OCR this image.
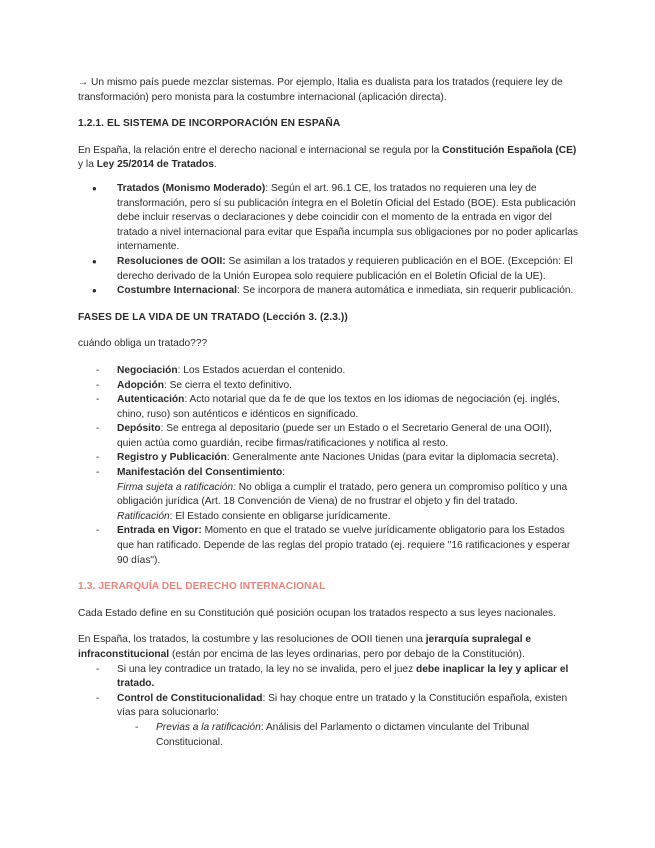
→ Un mismo país puede mezclar sistemas. Por ejemplo, Italia es dualista para los tratados (requiere ley de transformación) pero monista para la costumbre internacional (aplicación directa).

1.2.1. EL SISTEMA DE INCORPORACIÓN EN ESPAÑA

En España, la relación entre el derecho nacional e internacional se regula por la Constitución Española (CE) y la Ley 25/2014 de Tratados.

● Tratados (Monismo Moderado): Según el art. 96.1 CE, los tratados no requieren una ley de transformación, pero sí su publicación íntegra en el Boletín Oficial del Estado (BOE). Esta publicación debe incluir reservas o declaraciones y debe coincidir con el momento de la entrada en vigor del tratado a nivel internacional para evitar que España incumpla sus obligaciones por no poder aplicarlas internamente.
● Resoluciones de OOII: Se asimilan a los tratados y requieren publicación en el BOE. (Excepción: El derecho derivado de la Unión Europea solo requiere publicación en el Boletín Oficial de la UE).
● Costumbre Internacional: Se incorpora de manera automática e inmediata, sin requerir publicación.

FASES DE LA VIDA DE UN TRATADO (Lección 3. (2.3.))

cuándo obliga un tratado???

- Negociación: Los Estados acuerdan el contenido.
- Adopción: Se cierra el texto definitivo.
- Autenticación: Acto notarial que da fe de que los textos en los idiomas de negociación (ej. inglés, chino, ruso) son auténticos e idénticos en significado.
- Depósito: Se entrega al depositario (puede ser un Estado o el Secretario General de una OOII), quien actúa como guardián, recibe firmas/ratificaciones y notifica al resto.
- Registro y Publicación: Generalmente ante Naciones Unidas (para evitar la diplomacia secreta).
- Manifestación del Consentimiento:
Firma sujeta a ratificación: No obliga a cumplir el tratado, pero genera un compromiso político y una obligación jurídica (Art. 18 Convención de Viena) de no frustrar el objeto y fin del tratado.
Ratificación: El Estado consiente en obligarse jurídicamente.
- Entrada en Vigor: Momento en que el tratado se vuelve jurídicamente obligatorio para los Estados que han ratificado. Depende de las reglas del propio tratado (ej. requiere "16 ratificaciones y esperar 90 días").

1.3. JERARQUÍA DEL DERECHO INTERNACIONAL

Cada Estado define en su Constitución qué posición ocupan los tratados respecto a sus leyes nacionales.

En España, los tratados, la costumbre y las resoluciones de OOII tienen una jerarquía supralegal e infraconstitucional (están por encima de las leyes ordinarias, pero por debajo de la Constitución).

- Si una ley contradice un tratado, la ley no se invalida, pero el juez debe inaplicar la ley y aplicar el tratado.
- Control de Constitucionalidad: Si hay choque entre un tratado y la Constitución española, existen vías para solucionarlo:
- Previas a la ratificación: Análisis del Parlamento o dictamen vinculante del Tribunal Constitucional.
